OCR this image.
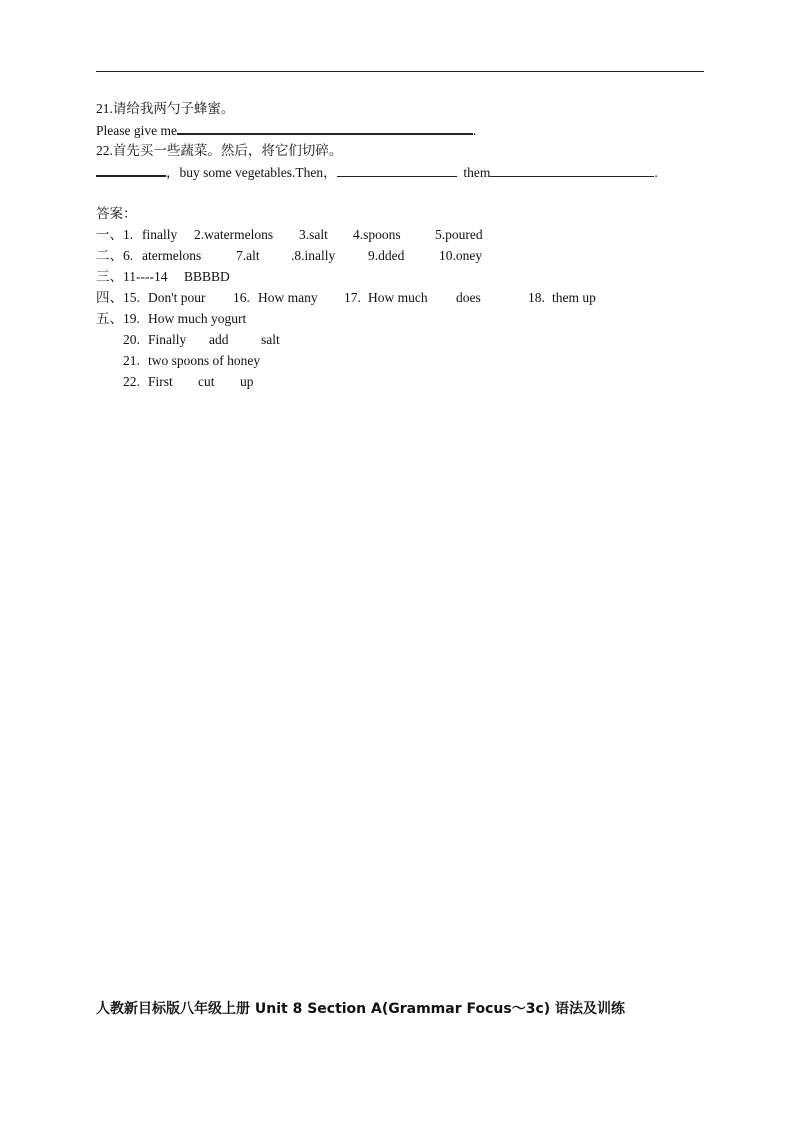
21.请给我两勺子蜂蜜。
Please give me	.
22.首先买一些蔬菜。然后，将它们切碎。
，buy some vegetables.Then，	them	.
答案：
一、1. finally 2.watermelons 3.salt 4.spoons	5.poured
二、6. atermelons	7.alt .8.inally 9.dded	10.oney
三、11----14 BBBBD
四、15. Don't pour 16. How many 17. How much does	18. them up
五、19. How much yogurt
20. Finally add salt
21. two spoons of honey
22. First cut up
人教新目标版八年级上册 Unit 8 Section A(Grammar Focus～3c) 语法及训练
